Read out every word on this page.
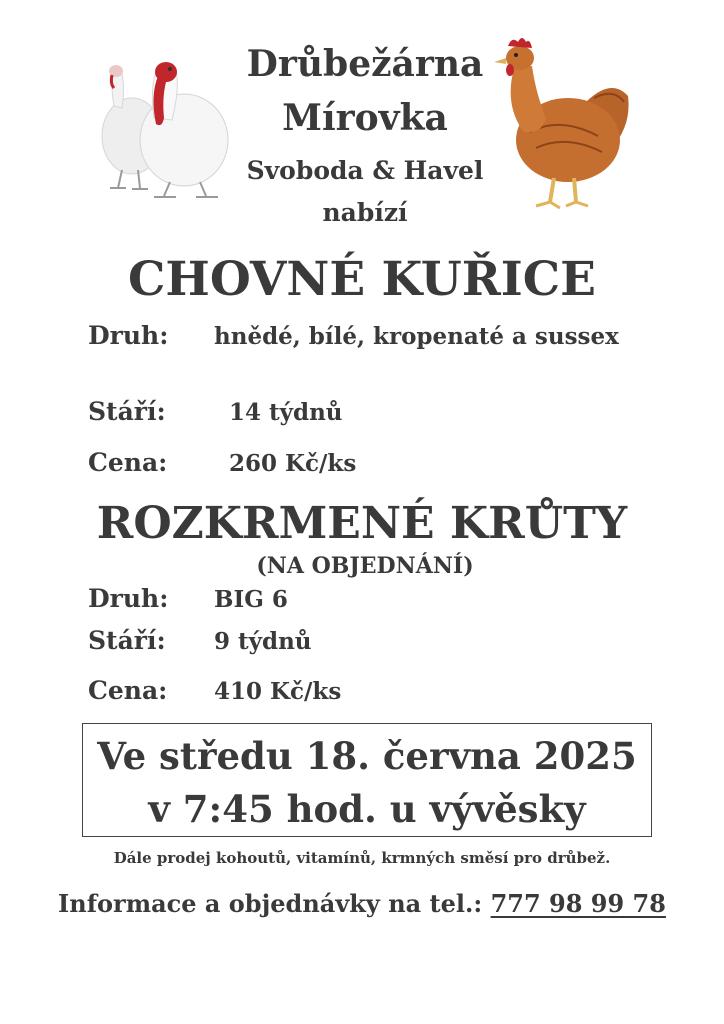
Drůbežárna
Mírovka
Svoboda & Havel
nabízí
CHOVNÉ KUŘICE
Druh: hnědé, bílé, kropenaté a sussex
Stáří:	14 týdnů
Cena:	260 Kč/ks
ROZKRMENÉ KRŮTY
(NA OBJEDNÁNÍ)
Druh: BIG 6
Stáří: 9 týdnů
Cena: 410 Kč/ks
Ve středu 18. června 2025
v 7:45 hod. u vývěsky
Dále prodej kohoutů, vitamínů, krmných směsí pro drůbež.
Informace a objednávky na tel.: 777 98 99 78
